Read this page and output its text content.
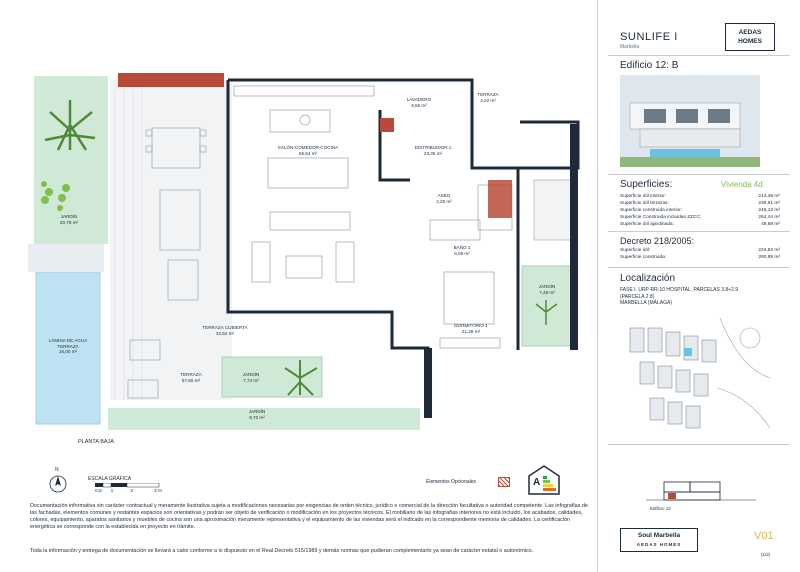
JARDÍN
20,78 m²
LÁMINA DE AGUA TERRAZA
16,00 m²
TERRAZA CUBIERTA
32,52 m²
TERRAZA
57,65 m²
JARDÍN
7,74 m²
JARDÍN
9,70 m²
SALÓN-COMEDOR-COCINA
55,64 m²
LAVADERO
6,56 m²
TERRAZA
4,22 m²
DISTRIBUIDOR 1
23,36 m²
ASEO
2,25 m²
BAÑO 1
6,06 m²
DORMITORIO 1
21,28 m²
JARDÍN
7,48 m²
PLANTA BAJA
N
ESCALA GRÁFICA
0,5 1	2	3 m
Elementos Opcionales	A
Documentación informativa sin carácter contractual y meramente ilustrativa sujeta a modificaciones necesarias por exigencias de orden técnico, jurídico o comercial de la dirección facultativa o autoridad competente. Las infografías de las fachadas, elementos comunes y restantes espacios son orientativas y podrán ser objeto de verificación o modificación en los proyectos técnicos. El mobiliario de las infografías interiores no está incluido, los acabados, calidades, colores, equipamiento, aparatos sanitarios y muebles de cocina son una aproximación meramente representativa y el equipamiento de las viviendas será el indicado en la correspondiente memoria de calidades. La certificación energética se corresponde con la establecida en proyecto en trámite.
Toda la información y entrega de documentación se llevará a cabo conforme a lo dispuesto en el Real Decreto 515/1989 y demás normas que pudieran complementarlo ya sean de carácter estatal o autonómico.
SUNLIFE I
Marbella
AEDAS
HOMES
Edificio 12: B
Superficies:	Vivienda 4d
Superficie útil interior:	213,48 m²
Superficie útil terrazas:	235,51 m²
Superficie construida interior:	246,13 m²
Superficie Construida incluidas ZZCC:	264,44 m²
Superficie útil ajardinada:	49,68 m²
Decreto 218/2005:
Superficie útil:	234,83 m²
Superficie construida:	290,89 m²
Localización
FASE I. URP-RR-10 HOSPITAL. PARCELAS 3.8+2.9
(PARCELA 2.8)
MARBELLA (MÁLAGA)
Edificio 12
Soul Marbella
AEDAS HOMES
V01
(1/2)
